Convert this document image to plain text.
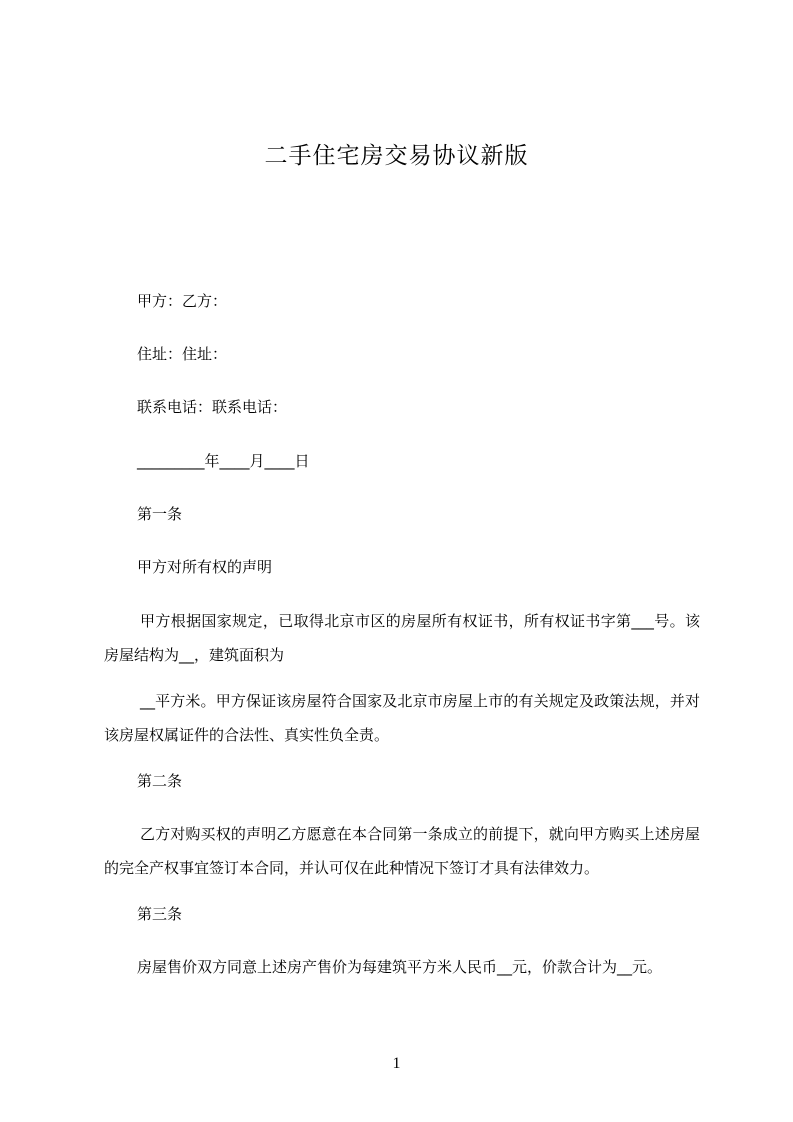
二手住宅房交易协议新版
甲方：乙方：
住址：住址：
联系电话：联系电话：
_________年____月____日
第一条
甲方对所有权的声明
甲方根据国家规定，已取得北京市区的房屋所有权证书，所有权证书字第___号。该房屋结构为__，建筑面积为
__平方米。甲方保证该房屋符合国家及北京市房屋上市的有关规定及政策法规，并对该房屋权属证件的合法性、真实性负全责。
第二条
乙方对购买权的声明乙方愿意在本合同第一条成立的前提下，就向甲方购买上述房屋的完全产权事宜签订本合同，并认可仅在此种情况下签订才具有法律效力。
第三条
房屋售价双方同意上述房产售价为每建筑平方米人民币__元，价款合计为__元。
1
